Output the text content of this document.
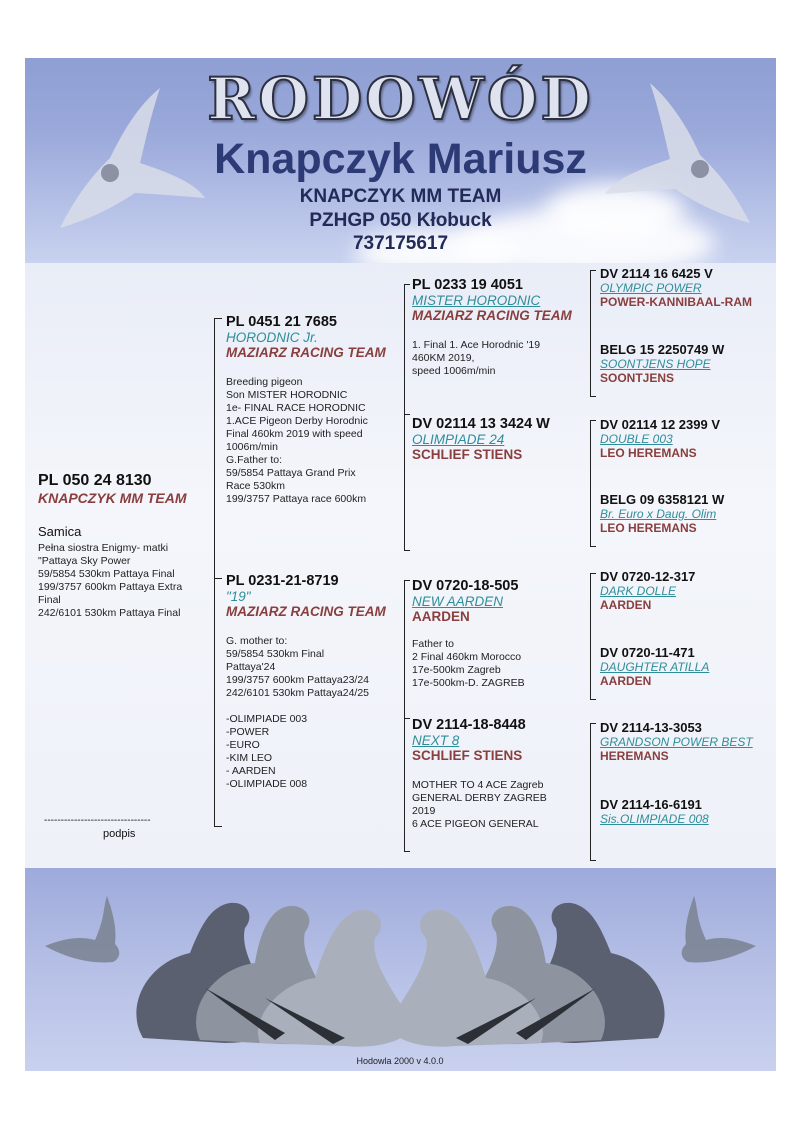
RODOWÓD
Knapczyk Mariusz
KNAPCZYK MM TEAM
PZHGP 050 Kłobuck
737175617
PL 050 24 8130
KNAPCZYK MM TEAM
Samica
Pełna siostra Enigmy- matki
"Pattaya Sky Power
59/5854 530km Pattaya Final
199/3757 600km Pattaya Extra
Final
242/6101 530km Pattaya Final
--------------------------------
podpis
PL 0451 21 7685
HORODNIC Jr.
MAZIARZ RACING TEAM
Breeding pigeon
Son MISTER HORODNIC
1e- FINAL RACE HORODNIC
1.ACE Pigeon Derby Horodnic
Final 460km 2019 with speed
1006m/min
G.Father to:
59/5854 Pattaya Grand Prix
Race 530km
199/3757 Pattaya race 600km
PL 0231-21-8719
"19"
MAZIARZ RACING TEAM
G. mother to:
59/5854 530km Final
Pattaya'24
199/3757 600km Pattaya23/24
242/6101 530km Pattaya24/25
-OLIMPIADE 003
-POWER
-EURO
-KIM LEO
- AARDEN
-OLIMPIADE 008
PL 0233 19 4051
MISTER HORODNIC
MAZIARZ RACING TEAM
1. Final 1. Ace Horodnic '19
460KM 2019,
speed 1006m/min
DV 02114 13 3424 W
OLIMPIADE 24
SCHLIEF STIENS
DV 0720-18-505
NEW AARDEN
AARDEN
Father to
2 Final 460km Morocco
17e-500km Zagreb
17e-500km-D. ZAGREB
DV 2114-18-8448
NEXT 8
SCHLIEF STIENS
MOTHER TO 4 ACE Zagreb
GENERAL DERBY ZAGREB
2019
6 ACE PIGEON GENERAL
DV 2114 16 6425 V
OLYMPIC POWER
POWER-KANNIBAAL-RAM
BELG 15 2250749 W
SOONTJENS HOPE
SOONTJENS
DV 02114 12 2399 V
DOUBLE 003
LEO HEREMANS
BELG 09 6358121 W
Br. Euro x Daug. Olim
LEO HEREMANS
DV 0720-12-317
DARK DOLLE
AARDEN
DV 0720-11-471
DAUGHTER ATILLA
AARDEN
DV 2114-13-3053
GRANDSON POWER BEST
HEREMANS
DV 2114-16-6191
Sis.OLIMPIADE 008
Hodowla 2000 v 4.0.0
